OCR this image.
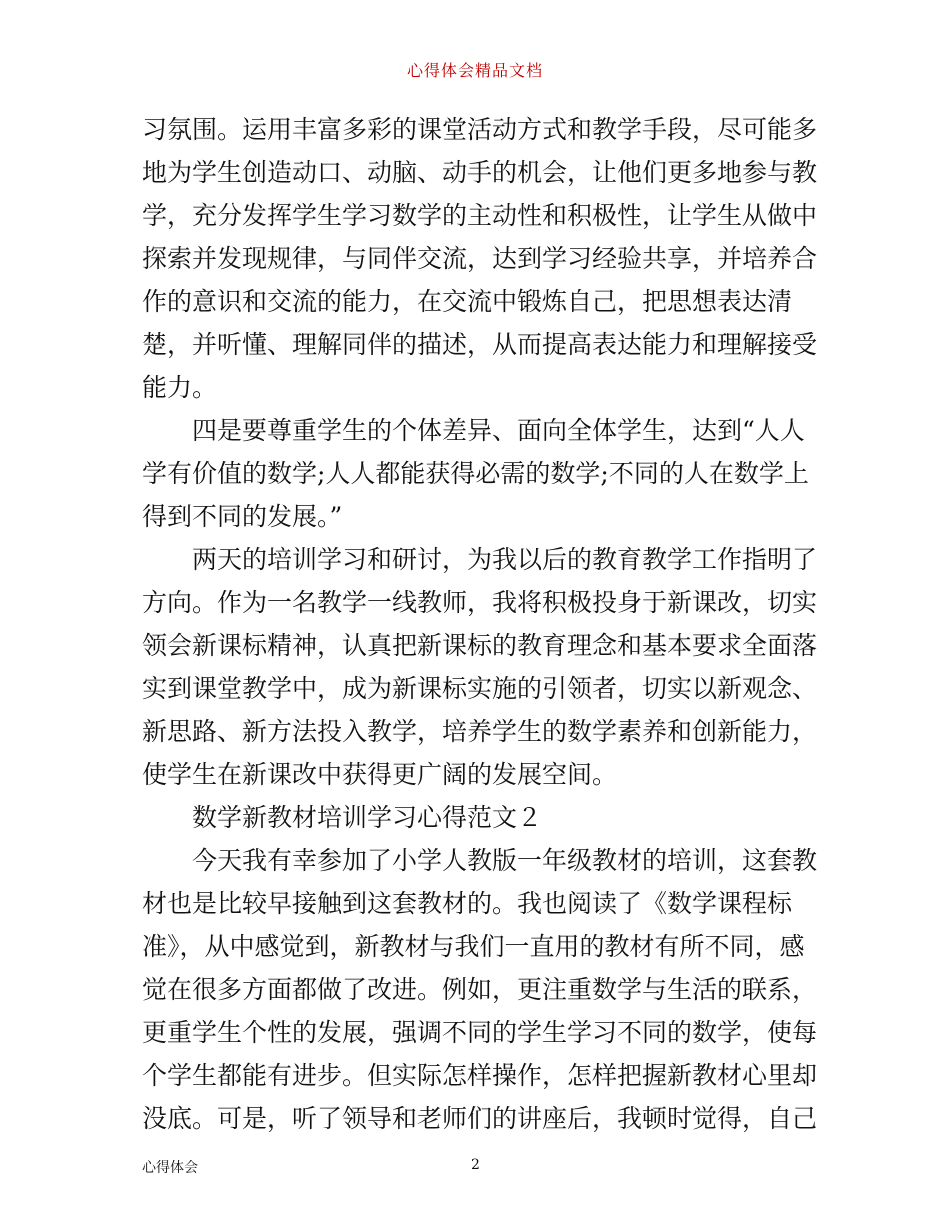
心得体会精品文档
习氛围。运用丰富多彩的课堂活动方式和教学手段，尽可能多
地为学生创造动口、动脑、动手的机会，让他们更多地参与教
学，充分发挥学生学习数学的主动性和积极性，让学生从做中
探索并发现规律，与同伴交流，达到学习经验共享，并培养合
作的意识和交流的能力，在交流中锻炼自己，把思想表达清
楚，并听懂、理解同伴的描述，从而提高表达能力和理解接受
能力。
四是要尊重学生的个体差异、面向全体学生，达到“人人
学有价值的数学;人人都能获得必需的数学;不同的人在数学上
得到不同的发展。”
两天的培训学习和研讨，为我以后的教育教学工作指明了
方向。作为一名教学一线教师，我将积极投身于新课改，切实
领会新课标精神，认真把新课标的教育理念和基本要求全面落
实到课堂教学中，成为新课标实施的引领者，切实以新观念、
新思路、新方法投入教学，培养学生的数学素养和创新能力，
使学生在新课改中获得更广阔的发展空间。
数学新教材培训学习心得范文２
今天我有幸参加了小学人教版一年级教材的培训，这套教
材也是比较早接触到这套教材的。我也阅读了《数学课程标
准》，从中感觉到，新教材与我们一直用的教材有所不同，感
觉在很多方面都做了改进。例如，更注重数学与生活的联系，
更重学生个性的发展，强调不同的学生学习不同的数学，使每
个学生都能有进步。但实际怎样操作，怎样把握新教材心里却
没底。可是，听了领导和老师们的讲座后，我顿时觉得，自己
心得体会	2
